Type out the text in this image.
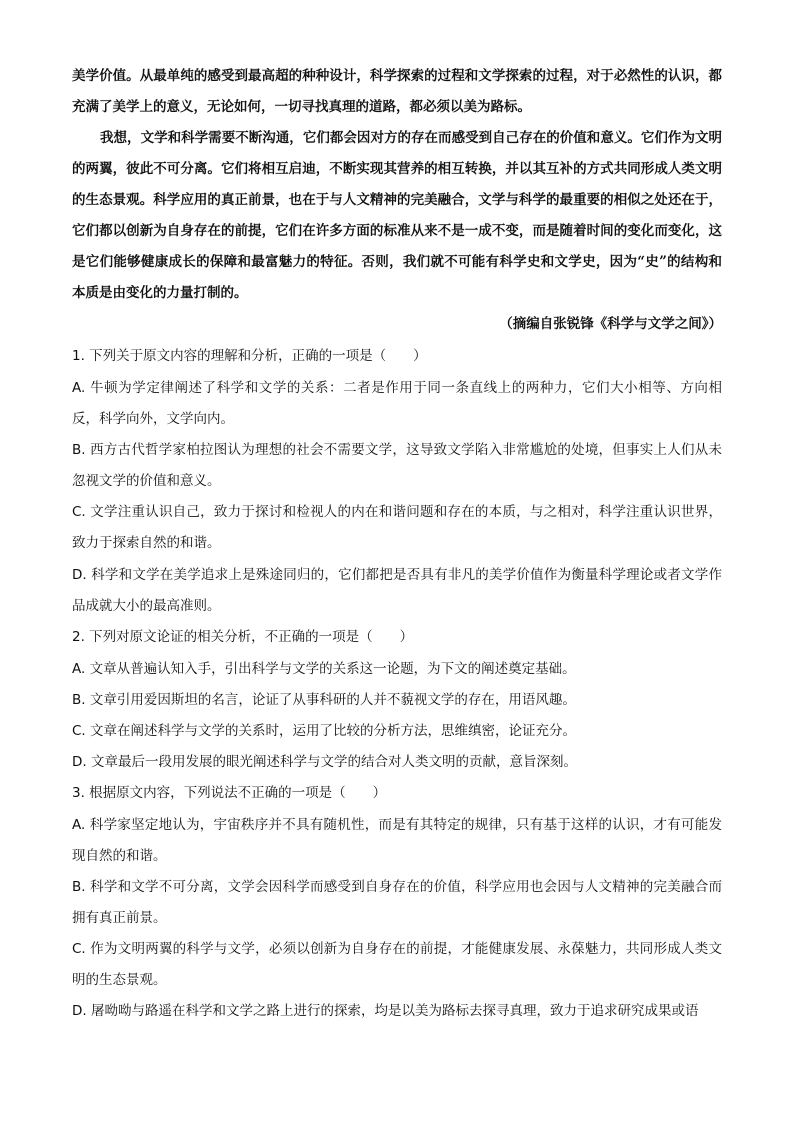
美学价值。从最单纯的感受到最高超的种种设计，科学探索的过程和文学探索的过程，对于必然性的认识，都充满了美学上的意义，无论如何，一切寻找真理的道路，都必须以美为路标。

我想，文学和科学需要不断沟通，它们都会因对方的存在而感受到自己存在的价值和意义。它们作为文明的两翼，彼此不可分离。它们将相互启迪，不断实现其营养的相互转换，并以其互补的方式共同形成人类文明的生态景观。科学应用的真正前景，也在于与人文精神的完美融合，文学与科学的最重要的相似之处还在于，它们都以创新为自身存在的前提，它们在许多方面的标准从来不是一成不变，而是随着时间的变化而变化，这是它们能够健康成长的保障和最富魅力的特征。否则，我们就不可能有科学史和文学史，因为“史”的结构和本质是由变化的力量打制的。

（摘编自张锐锋《科学与文学之间》）

1. 下列关于原文内容的理解和分析，正确的一项是（　　）

A. 牛顿为学定律阐述了科学和文学的关系：二者是作用于同一条直线上的两种力，它们大小相等、方向相反，科学向外，文学向内。

B. 西方古代哲学家柏拉图认为理想的社会不需要文学，这导致文学陷入非常尴尬的处境，但事实上人们从未忽视文学的价值和意义。

C. 文学注重认识自己，致力于探讨和检视人的内在和谐问题和存在的本质，与之相对，科学注重认识世界，致力于探索自然的和谐。

D. 科学和文学在美学追求上是殊途同归的，它们都把是否具有非凡的美学价值作为衡量科学理论或者文学作品成就大小的最高准则。

2. 下列对原文论证的相关分析，不正确的一项是（　　）

A. 文章从普遍认知入手，引出科学与文学的关系这一论题，为下文的阐述奠定基础。

B. 文章引用爱因斯坦的名言，论证了从事科研的人并不藐视文学的存在，用语风趣。

C. 文章在阐述科学与文学的关系时，运用了比较的分析方法，思维缜密，论证充分。

D. 文章最后一段用发展的眼光阐述科学与文学的结合对人类文明的贡献，意旨深刻。

3. 根据原文内容，下列说法不正确的一项是（　　）

A. 科学家坚定地认为，宇宙秩序并不具有随机性，而是有其特定的规律，只有基于这样的认识，才有可能发现自然的和谐。

B. 科学和文学不可分离，文学会因科学而感受到自身存在的价值，科学应用也会因与人文精神的完美融合而拥有真正前景。

C. 作为文明两翼的科学与文学，必须以创新为自身存在的前提，才能健康发展、永葆魅力，共同形成人类文明的生态景观。

D. 屠呦呦与路遥在科学和文学之路上进行的探索，均是以美为路标去探寻真理，致力于追求研究成果或语
